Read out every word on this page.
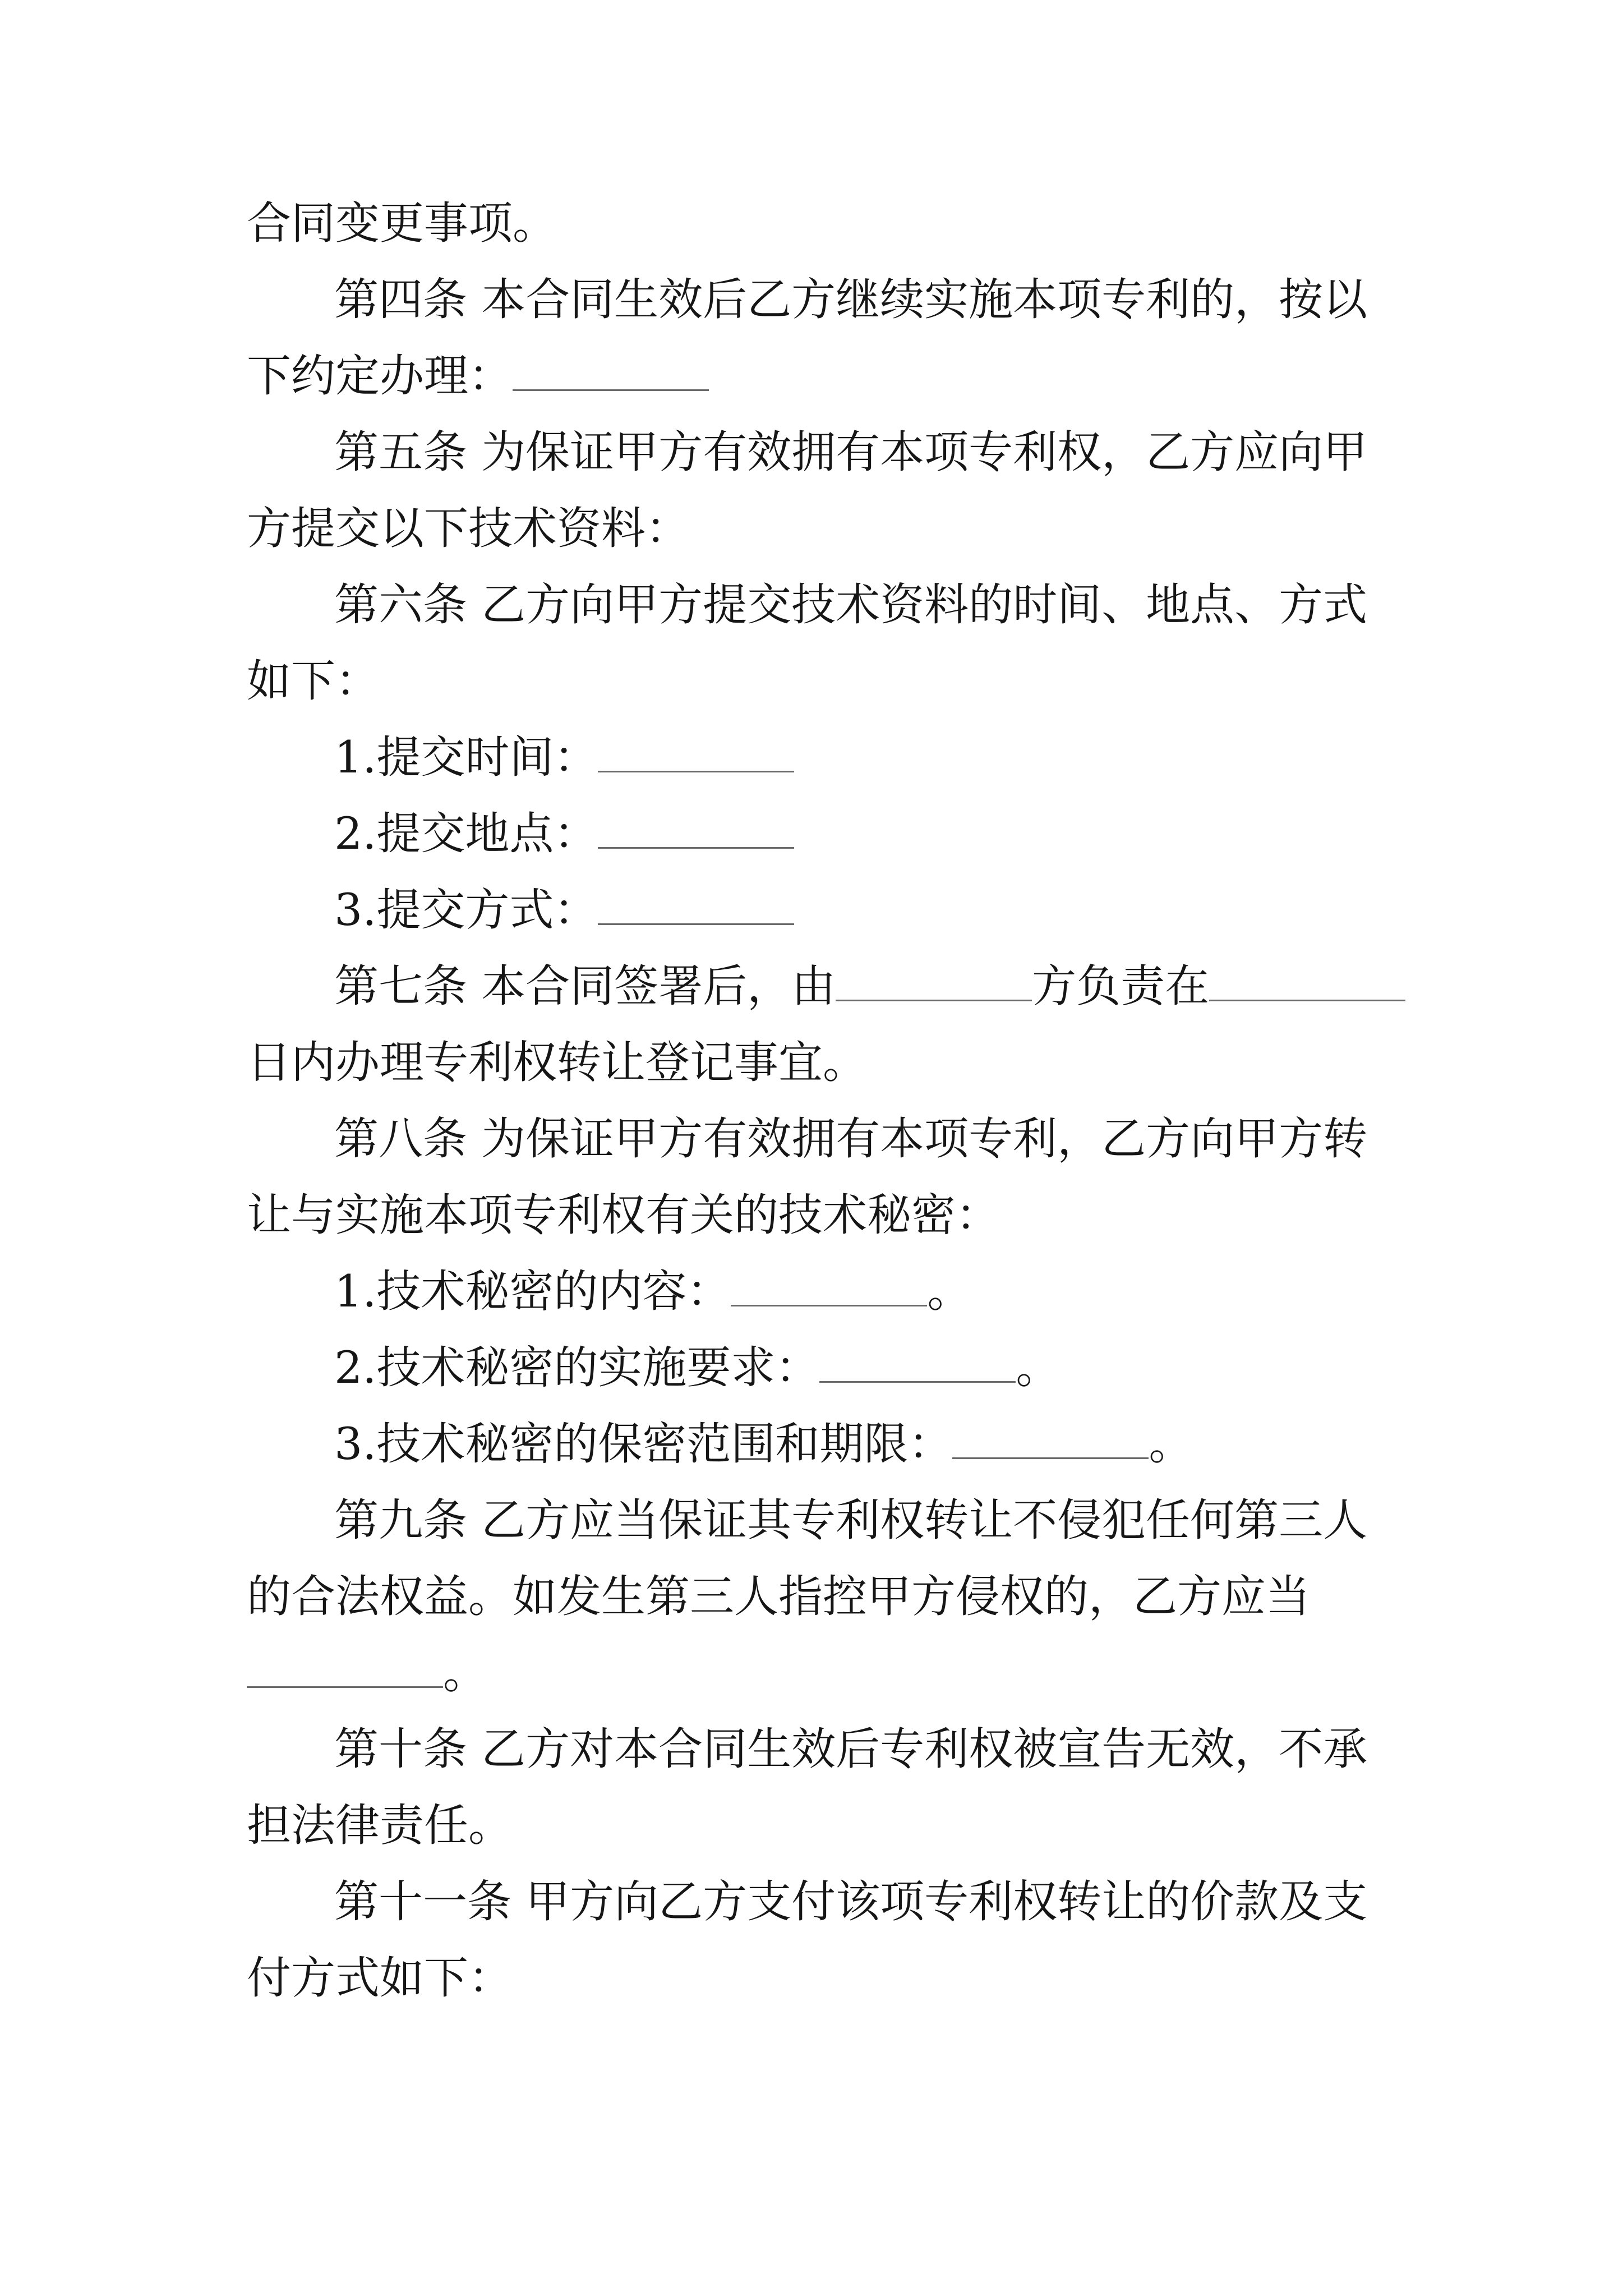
合同变更事项。
第四条 本合同生效后乙方继续实施本项专利的，按以
下约定办理：
第五条 为保证甲方有效拥有本项专利权，乙方应向甲
方提交以下技术资料：
第六条 乙方向甲方提交技术资料的时间、地点、方式
如下：
1.提交时间：
2.提交地点：
3.提交方式：
第七条 本合同签署后，由	方负责在
日内办理专利权转让登记事宜。
第八条 为保证甲方有效拥有本项专利，乙方向甲方转
让与实施本项专利权有关的技术秘密：
1.技术秘密的内容：	。
2.技术秘密的实施要求：	。
3.技术秘密的保密范围和期限：	。
第九条 乙方应当保证其专利权转让不侵犯任何第三人
的合法权益。如发生第三人指控甲方侵权的，乙方应当
。
第十条 乙方对本合同生效后专利权被宣告无效，不承
担法律责任。
第十一条 甲方向乙方支付该项专利权转让的价款及支
付方式如下：
